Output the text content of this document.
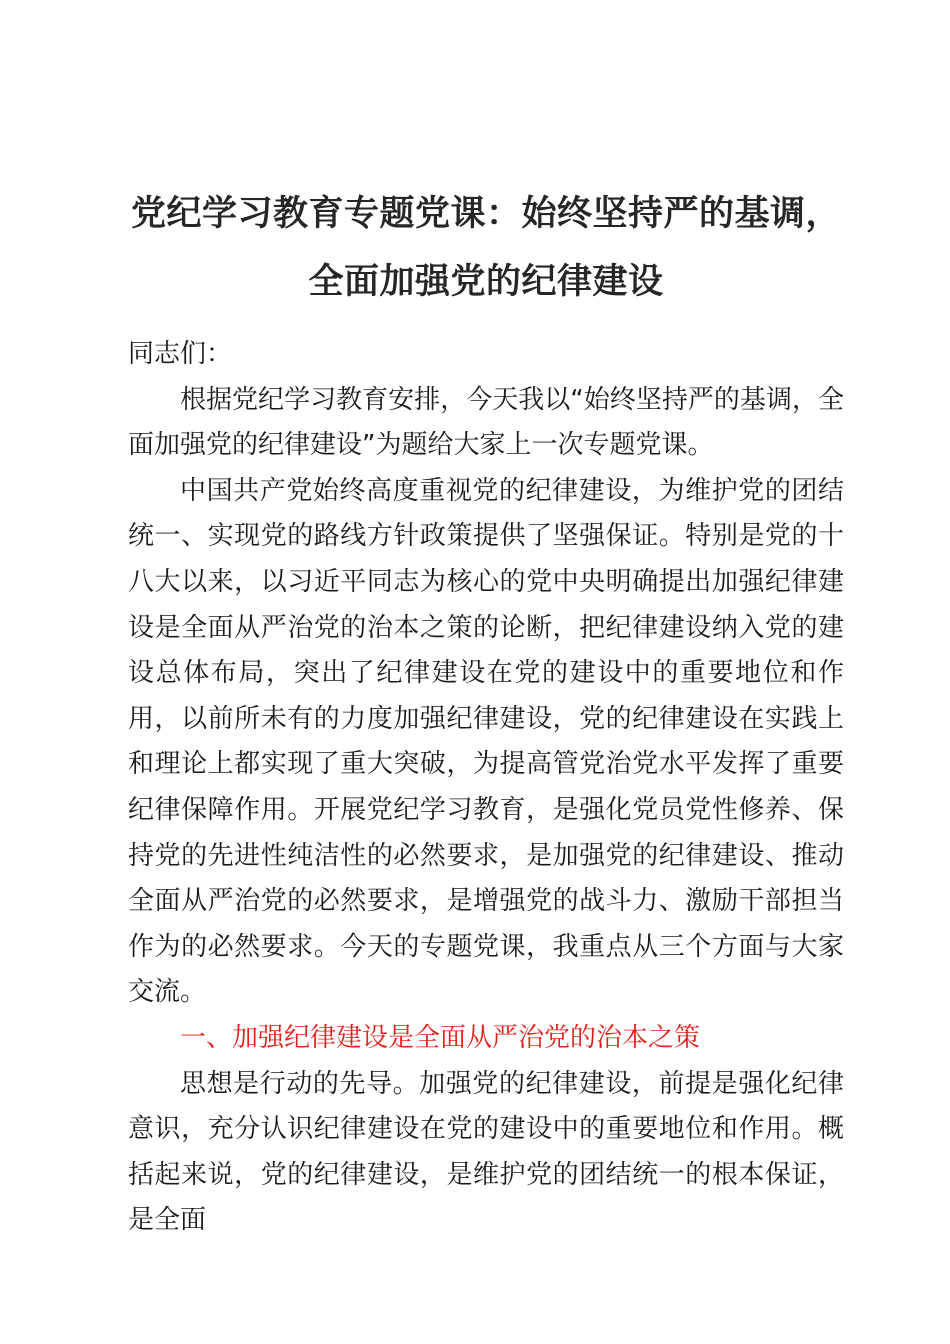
党纪学习教育专题党课：始终坚持严的基调，全面加强党的纪律建设

同志们：

根据党纪学习教育安排，今天我以“始终坚持严的基调，全面加强党的纪律建设”为题给大家上一次专题党课。

中国共产党始终高度重视党的纪律建设，为维护党的团结统一、实现党的路线方针政策提供了坚强保证。特别是党的十八大以来，以习近平同志为核心的党中央明确提出加强纪律建设是全面从严治党的治本之策的论断，把纪律建设纳入党的建设总体布局，突出了纪律建设在党的建设中的重要地位和作用，以前所未有的力度加强纪律建设，党的纪律建设在实践上和理论上都实现了重大突破，为提高管党治党水平发挥了重要纪律保障作用。开展党纪学习教育，是强化党员党性修养、保持党的先进性纯洁性的必然要求，是加强党的纪律建设、推动全面从严治党的必然要求，是增强党的战斗力、激励干部担当作为的必然要求。今天的专题党课，我重点从三个方面与大家交流。

一、加强纪律建设是全面从严治党的治本之策

思想是行动的先导。加强党的纪律建设，前提是强化纪律意识，充分认识纪律建设在党的建设中的重要地位和作用。概括起来说，党的纪律建设，是维护党的团结统一的根本保证，是全面
